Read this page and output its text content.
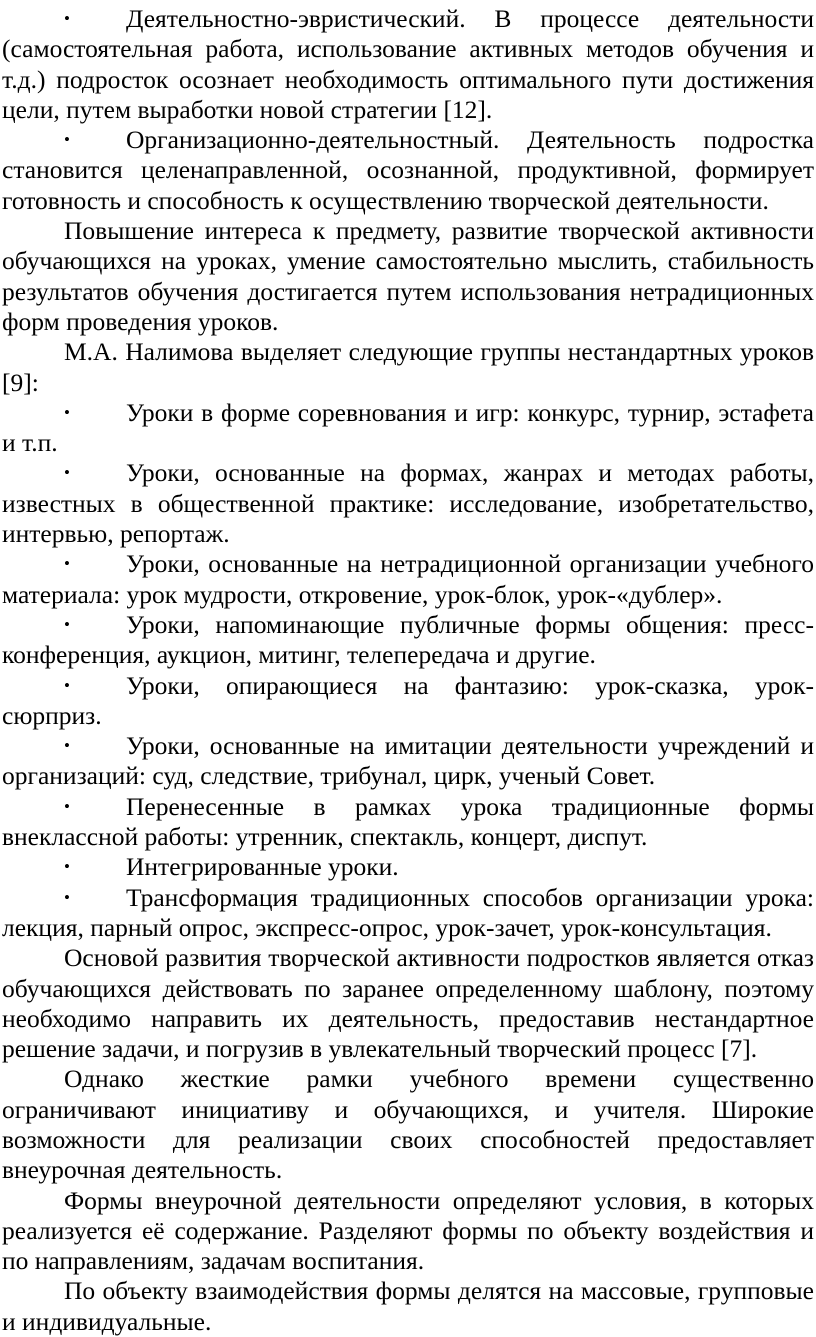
• Деятельностно-эвристический. В процессе деятельности (самостоятельная работа, использование активных методов обучения и т.д.) подросток осознает необходимость оптимального пути достижения цели, путем выработки новой стратегии [12].

• Организационно-деятельностный. Деятельность подростка становится целенаправленной, осознанной, продуктивной, формирует готовность и способность к осуществлению творческой деятельности.

Повышение интереса к предмету, развитие творческой активности обучающихся на уроках, умение самостоятельно мыслить, стабильность результатов обучения достигается путем использования нетрадиционных форм проведения уроков.

М.А. Налимова выделяет следующие группы нестандартных уроков [9]:

• Уроки в форме соревнования и игр: конкурс, турнир, эстафета и т.п.

• Уроки, основанные на формах, жанрах и методах работы, известных в общественной практике: исследование, изобретательство, интервью, репортаж.

• Уроки, основанные на нетрадиционной организации учебного материала: урок мудрости, откровение, урок-блок, урок-«дублер».

• Уроки, напоминающие публичные формы общения: пресс-конференция, аукцион, митинг, телепередача и другие.

• Уроки, опирающиеся на фантазию: урок-сказка, урок-сюрприз.

• Уроки, основанные на имитации деятельности учреждений и организаций: суд, следствие, трибунал, цирк, ученый Совет.

• Перенесенные в рамках урока традиционные формы внеклассной работы: утренник, спектакль, концерт, диспут.

• Интегрированные уроки.

• Трансформация традиционных способов организации урока: лекция, парный опрос, экспресс-опрос, урок-зачет, урок-консультация.

Основой развития творческой активности подростков является отказ обучающихся действовать по заранее определенному шаблону, поэтому необходимо направить их деятельность, предоставив нестандартное решение задачи, и погрузив в увлекательный творческий процесс [7].

Однако жесткие рамки учебного времени существенно ограничивают инициативу и обучающихся, и учителя. Широкие возможности для реализации своих способностей предоставляет внеурочная деятельность.

Формы внеурочной деятельности определяют условия, в которых реализуется её содержание. Разделяют формы по объекту воздействия и по направлениям, задачам воспитания.

По объекту взаимодействия формы делятся на массовые, групповые и индивидуальные.
